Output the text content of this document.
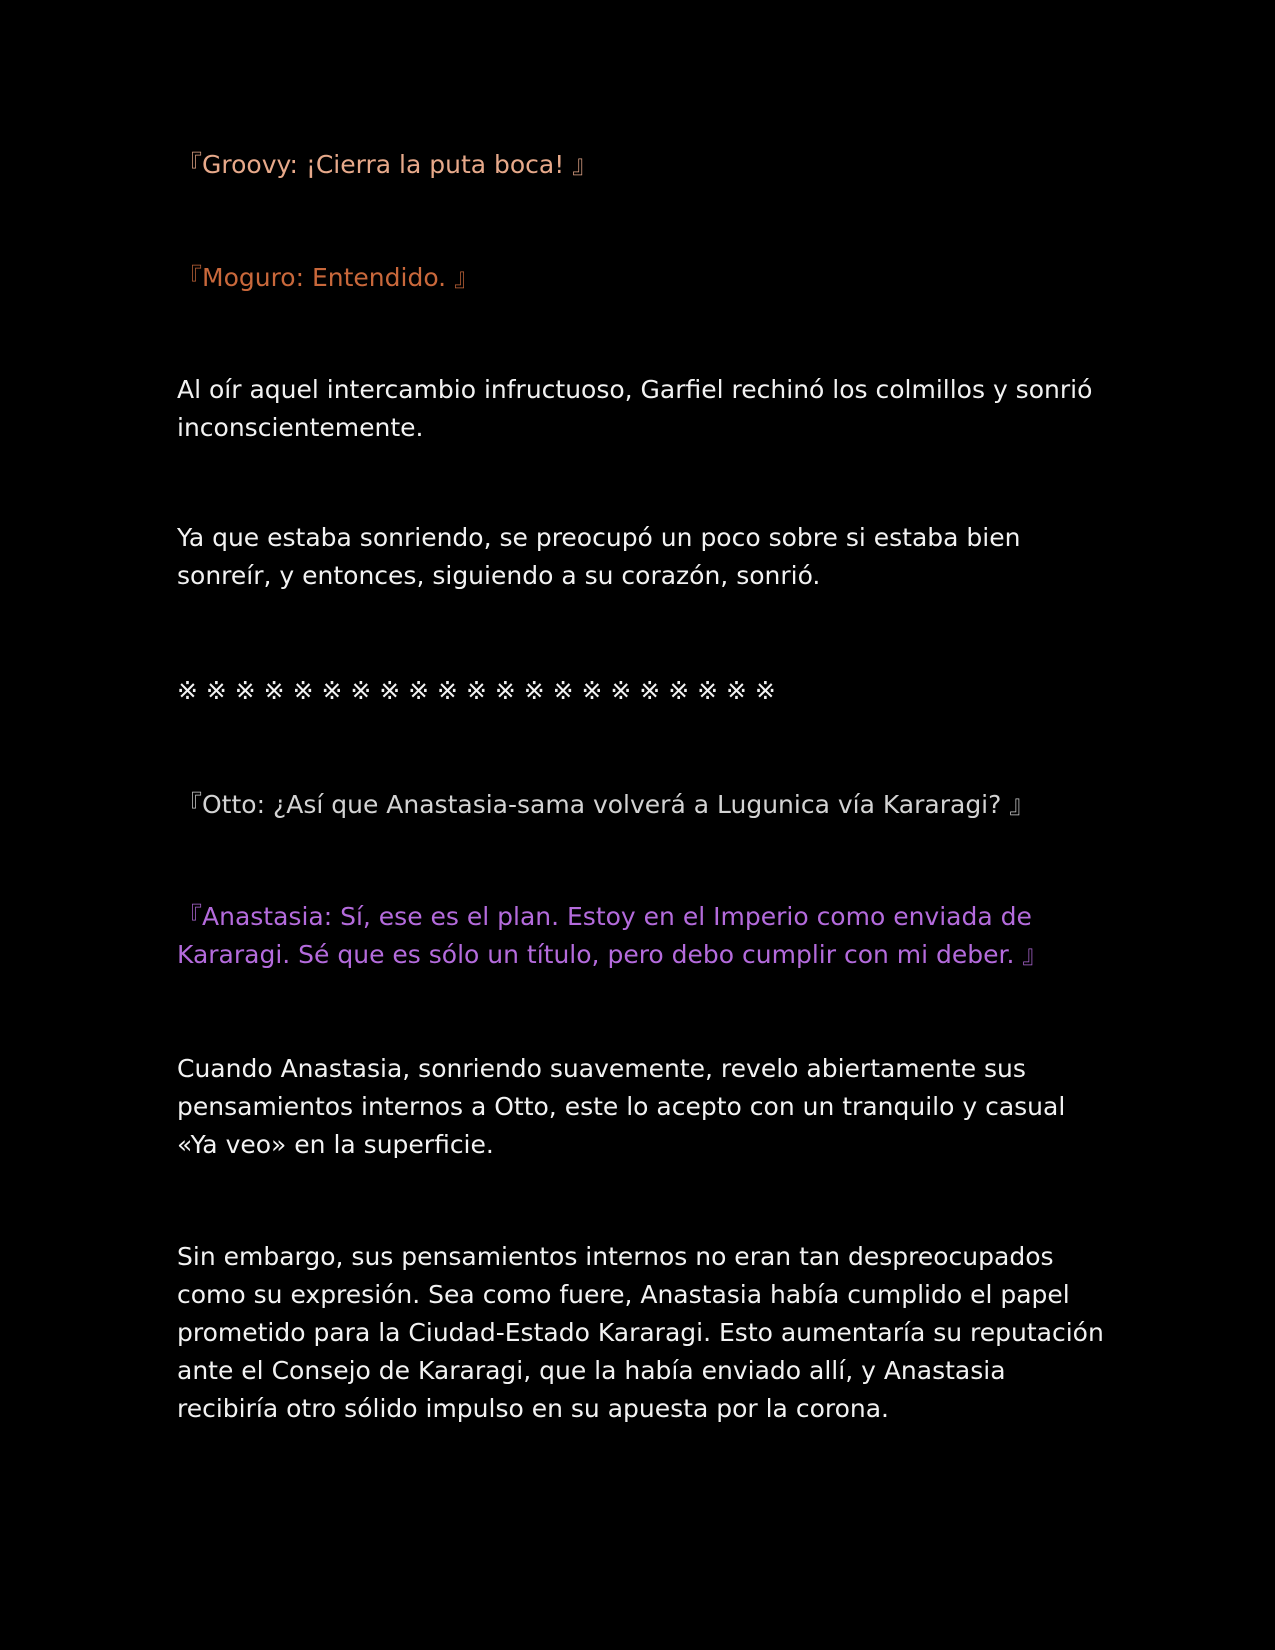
『Groovy: ¡Cierra la puta boca! 』

『Moguro: Entendido. 』

Al oír aquel intercambio infructuoso, Garfiel rechinó los colmillos y sonrió inconscientemente.

Ya que estaba sonriendo, se preocupó un poco sobre si estaba bien sonreír, y entonces, siguiendo a su corazón, sonrió.

※ ※ ※ ※ ※ ※ ※ ※ ※ ※ ※ ※ ※ ※ ※ ※ ※ ※ ※ ※ ※

『Otto: ¿Así que Anastasia-sama volverá a Lugunica vía Kararagi? 』

『Anastasia: Sí, ese es el plan. Estoy en el Imperio como enviada de Kararagi. Sé que es sólo un título, pero debo cumplir con mi deber. 』

Cuando Anastasia, sonriendo suavemente, revelo abiertamente sus pensamientos internos a Otto, este lo acepto con un tranquilo y casual «Ya veo» en la superficie.

Sin embargo, sus pensamientos internos no eran tan despreocupados como su expresión. Sea como fuere, Anastasia había cumplido el papel prometido para la Ciudad-Estado Kararagi. Esto aumentaría su reputación ante el Consejo de Kararagi, que la había enviado allí, y Anastasia recibiría otro sólido impulso en su apuesta por la corona.
